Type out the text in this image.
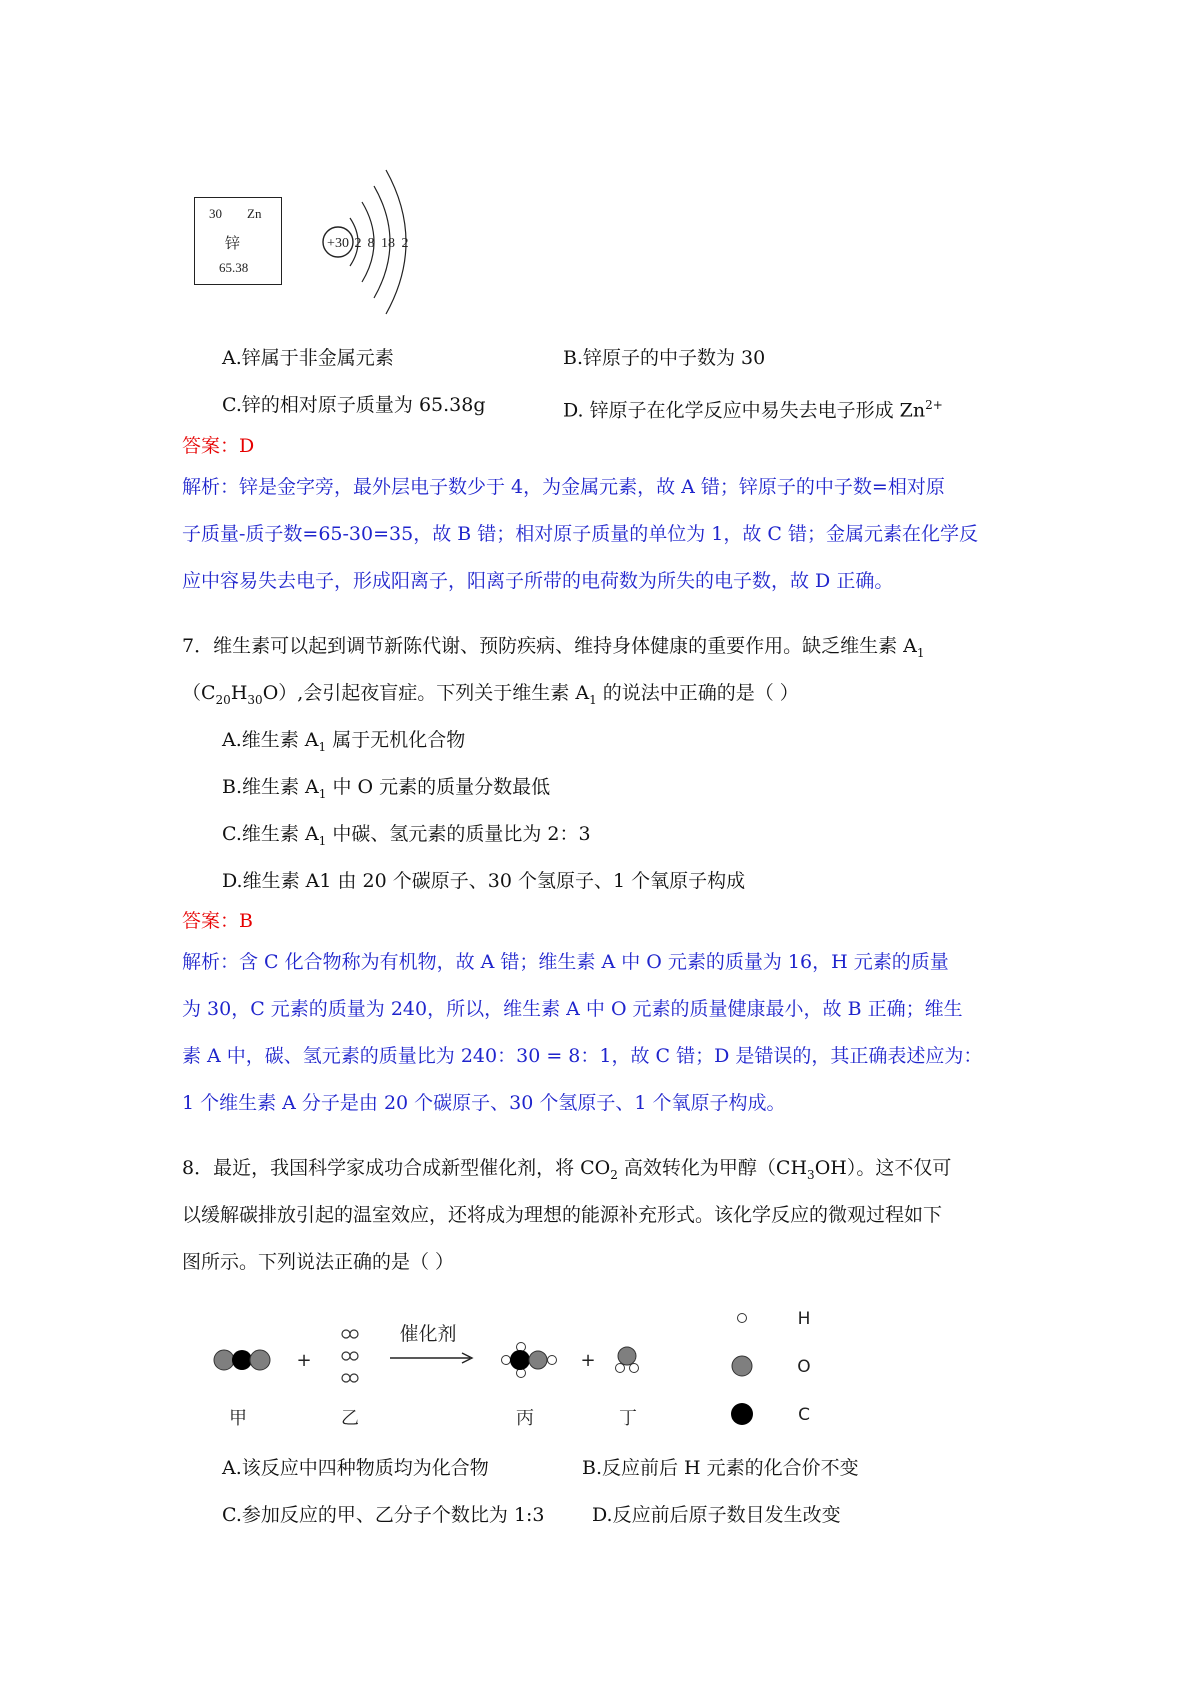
30 Zn
锌
65.38
+30 2 8 18 2
A.锌属于非金属元素	B.锌原子的中子数为 30
C.锌的相对原子质量为 65.38g	D. 锌原子在化学反应中易失去电子形成 $Zn^{2+}$
答案：D
解析：锌是金字旁，最外层电子数少于 4，为金属元素，故 A 错；锌原子的中子数=相对原
子质量-质子数=65-30=35，故 B 错；相对原子质量的单位为 1，故 C 错；金属元素在化学反
应中容易失去电子，形成阳离子，阳离子所带的电荷数为所失的电子数，故 D 正确。
7．维生素可以起到调节新陈代谢、预防疾病、维持身体健康的重要作用。缺乏维生素 $A_1$
$(C_{20}H_{30}O)$,会引起夜盲症。下列关于维生素 $A_1$ 的说法中正确的是（ ）
A.维生素 $A_1$ 属于无机化合物
B.维生素 $A_1$ 中 O 元素的质量分数最低
C.维生素 $A_1$ 中碳、氢元素的质量比为 2：3
D.维生素 A1 由 20 个碳原子、30 个氢原子、1 个氧原子构成
答案：B
解析：含 C 化合物称为有机物，故 A 错；维生素 A 中 O 元素的质量为 16，H 元素的质量
为 30，C 元素的质量为 240，所以，维生素 A 中 O 元素的质量健康最小，故 B 正确；维生
素 A 中，碳、氢元素的质量比为 240：30 = 8：1，故 C 错；D 是错误的，其正确表述应为：
1 个维生素 A 分子是由 20 个碳原子、30 个氢原子、1 个氧原子构成。
8．最近，我国科学家成功合成新型催化剂，将 $CO_2$ 高效转化为甲醇$(CH_3OH)$。这不仅可
以缓解碳排放引起的温室效应，还将成为理想的能源补充形式。该化学反应的微观过程如下
图所示。下列说法正确的是（ ）
+
催化剂
+
甲	乙	丙	丁
H
O
C
A.该反应中四种物质均为化合物	B.反应前后 H 元素的化合价不变
C.参加反应的甲、乙分子个数比为 1:3 D.反应前后原子数目发生改变
